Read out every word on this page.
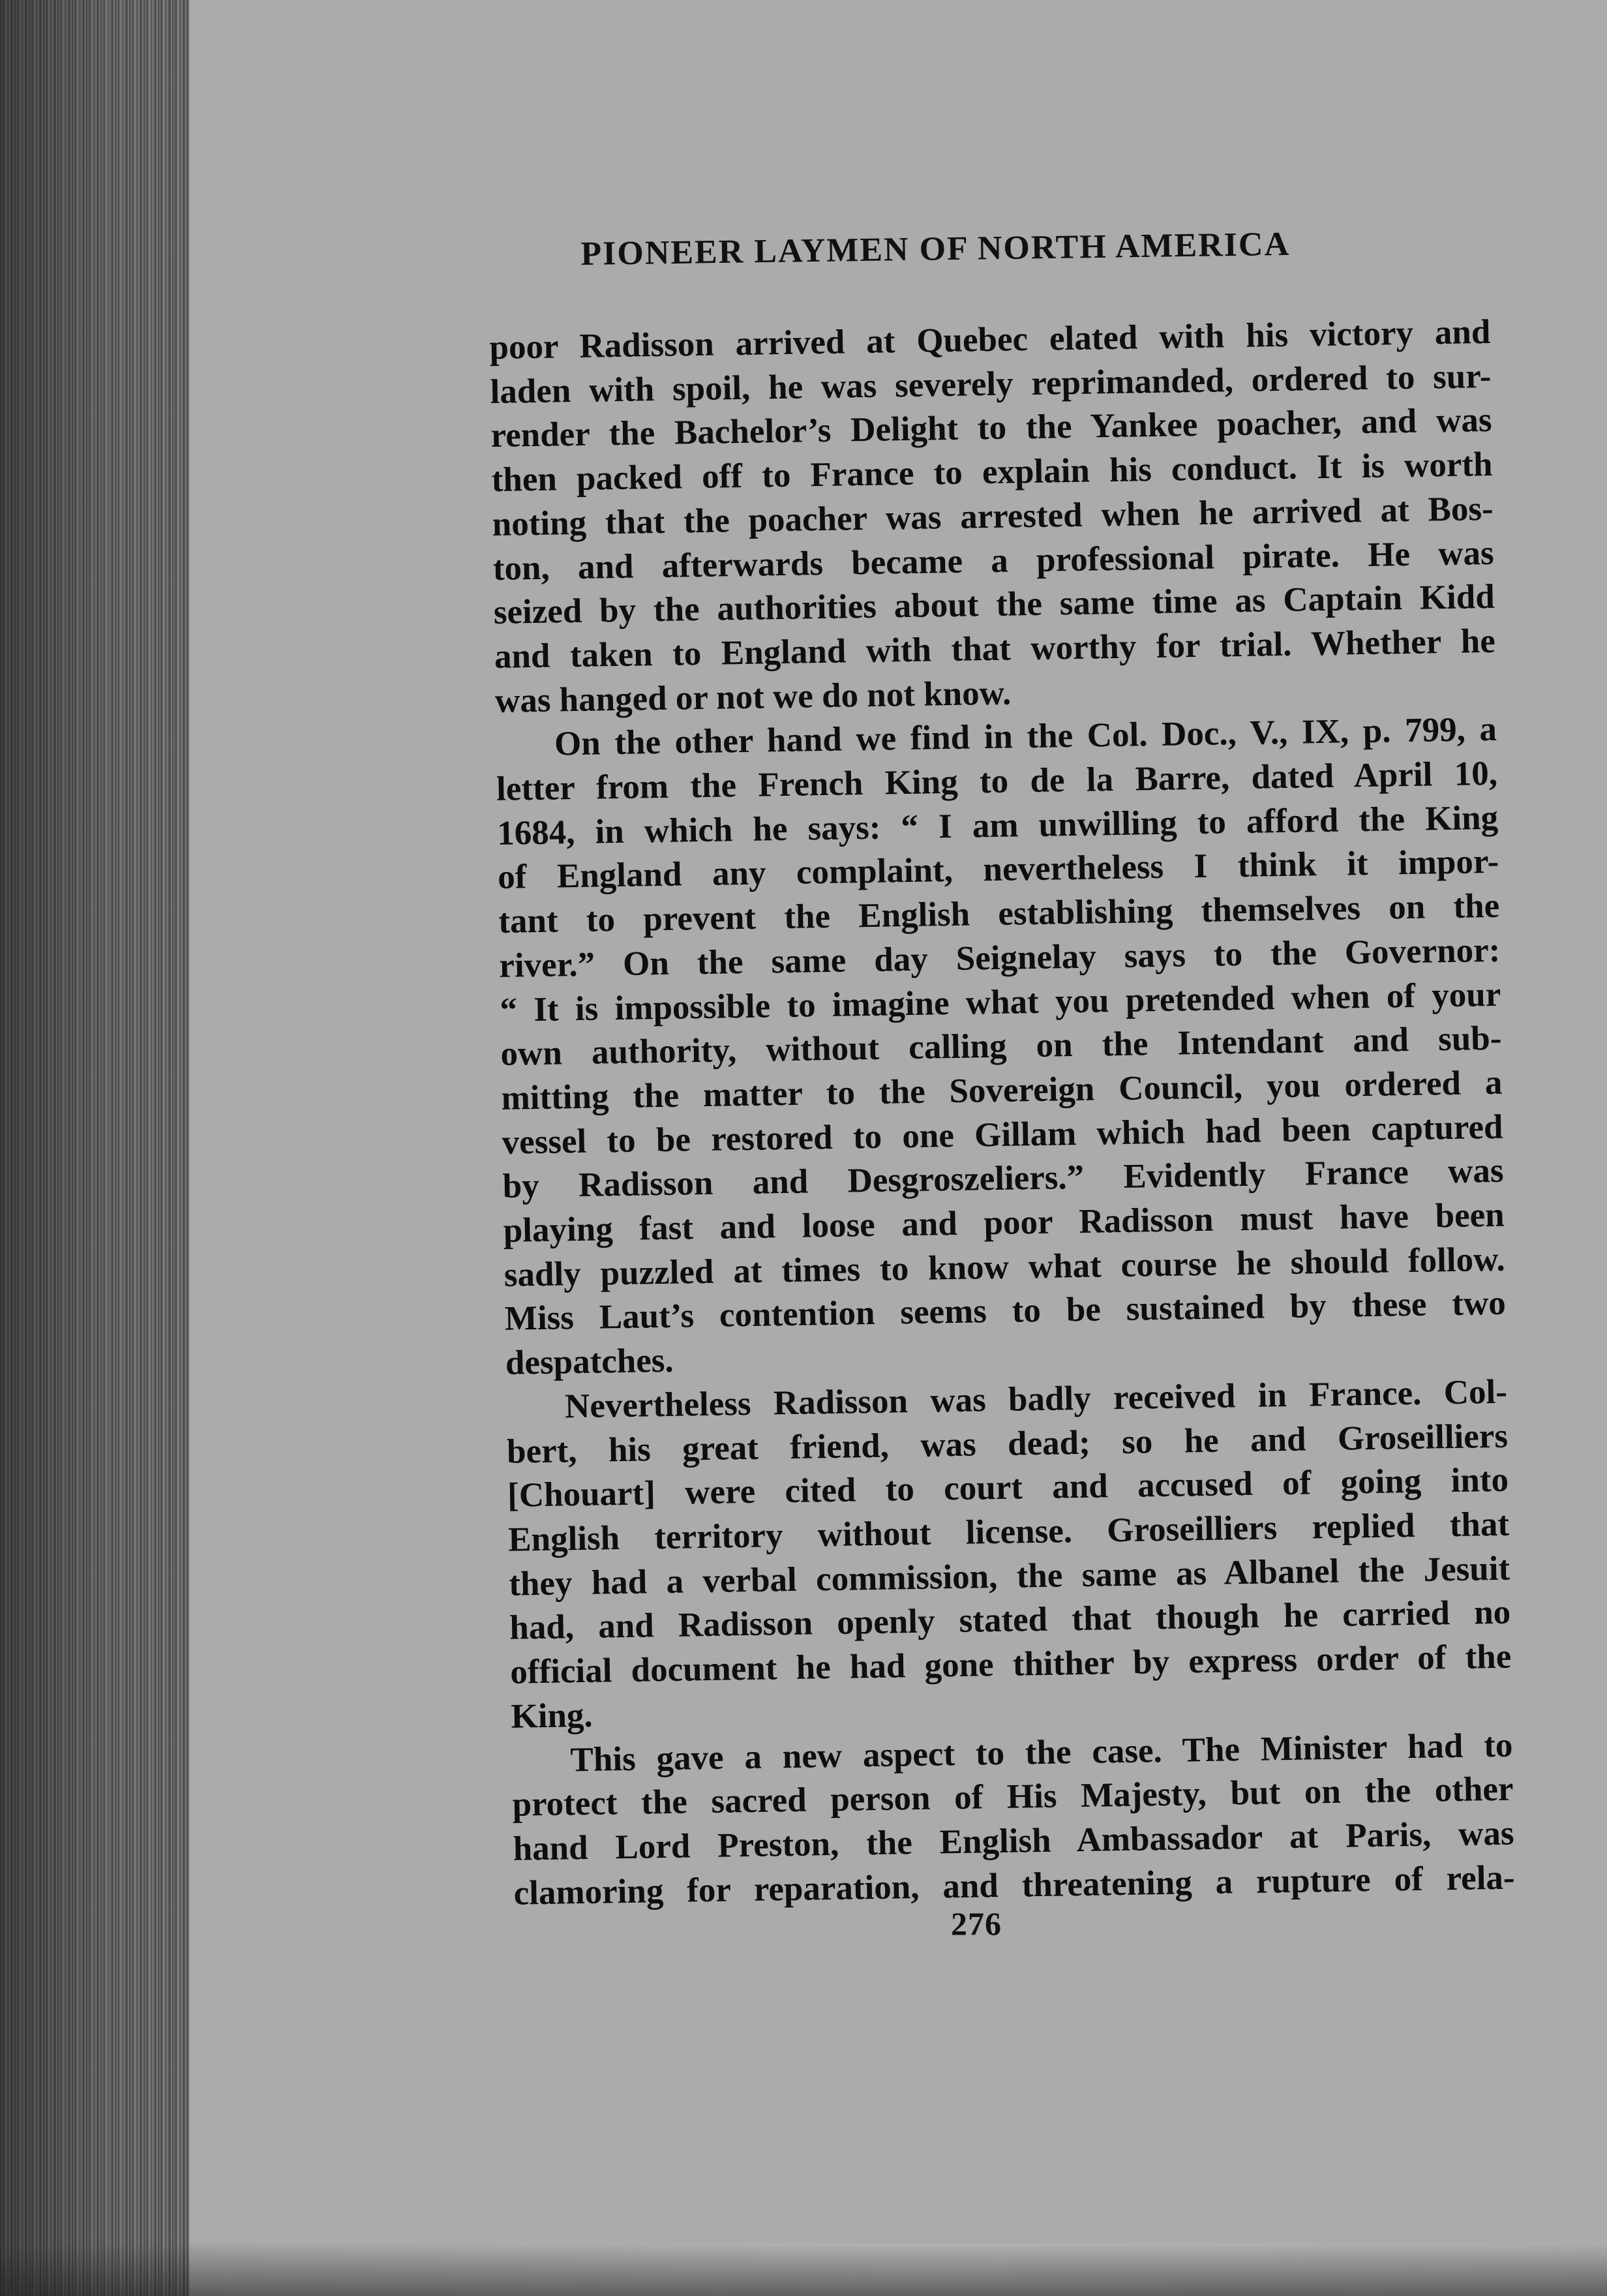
PIONEER LAYMEN OF NORTH AMERICA
poor Radisson arrived at Quebec elated with his victory and
laden with spoil, he was severely reprimanded, ordered to sur-
render the Bachelor’s Delight to the Yankee poacher, and was
then packed off to France to explain his conduct. It is worth
noting that the poacher was arrested when he arrived at Bos-
ton, and afterwards became a professional pirate. He was
seized by the authorities about the same time as Captain Kidd
and taken to England with that worthy for trial. Whether he
was hanged or not we do not know.
On the other hand we find in the Col. Doc., V., IX, p. 799, a
letter from the French King to de la Barre, dated April 10,
1684, in which he says: “ I am unwilling to afford the King
of England any complaint, nevertheless I think it impor-
tant to prevent the English establishing themselves on the
river.” On the same day Seignelay says to the Governor:
“ It is impossible to imagine what you pretended when of your
own authority, without calling on the Intendant and sub-
mitting the matter to the Sovereign Council, you ordered a
vessel to be restored to one Gillam which had been captured
by Radisson and Desgroszeliers.” Evidently France was
playing fast and loose and poor Radisson must have been
sadly puzzled at times to know what course he should follow.
Miss Laut’s contention seems to be sustained by these two
despatches.
Nevertheless Radisson was badly received in France. Col-
bert, his great friend, was dead; so he and Groseilliers
[Chouart] were cited to court and accused of going into
English territory without license. Groseilliers replied that
they had a verbal commission, the same as Albanel the Jesuit
had, and Radisson openly stated that though he carried no
official document he had gone thither by express order of the
King.
This gave a new aspect to the case. The Minister had to
protect the sacred person of His Majesty, but on the other
hand Lord Preston, the English Ambassador at Paris, was
clamoring for reparation, and threatening a rupture of rela-
276
